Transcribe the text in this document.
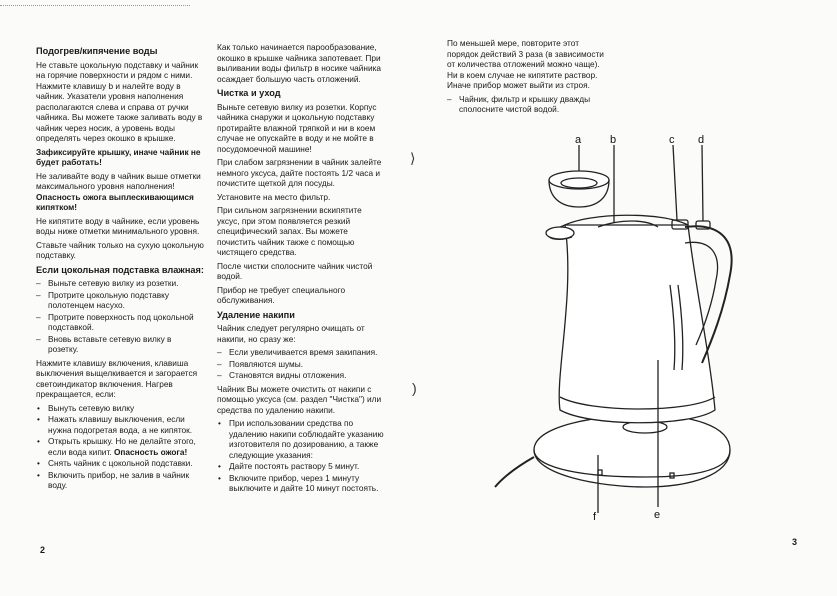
Подогрев/кипячение воды

Не ставьте цокольную подставку и чайник на горячие поверхности и рядом с ними. Нажмите клавишу b и налейте воду в чайник. Указатели уровня наполнения располагаются слева и справа от ручки чайника. Вы можете также заливать воду в чайник через носик, а уровень воды определять через окошко в крышке.

Зафиксируйте крышку, иначе чайник не будет работать!

Не заливайте воду в чайник выше отметки максимального уровня наполнения! Опасность ожога выплескивающимся кипятком!

Не кипятите воду в чайнике, если уровень воды ниже отметки минимального уровня.

Ставьте чайник только на сухую цокольную подставку.

Если цокольная подставка влажная:
– Выньте сетевую вилку из розетки.
– Протрите цокольную подставку полотенцем насухо.
– Протрите поверхность под цокольной подставкой.
– Вновь вставьте сетевую вилку в розетку.

Нажмите клавишу включения, клавиша выключения выщелкивается и загорается светоиндикатор включения. Нагрев прекращается, если:

• Вынуть сетевую вилку
• Нажать клавишу выключения, если нужна подогретая вода, а не кипяток.
• Открыть крышку. Но не делайте этого, если вода кипит. Опасность ожога!
• Снять чайник с цокольной подставки.
• Включить прибор, не залив в чайник воду.
2

Как только начинается парообразование, окошко в крышке чайника запотевает. При выливании воды фильтр в носике чайника осаждает большую часть отложений.

Чистка и уход

Выньте сетевую вилку из розетки. Корпус чайника снаружи и цокольную подставку протирайте влажной тряпкой и ни в коем случае не опускайте в воду и не мойте в посудомоечной машине!

При слабом загрязнении в чайник залейте немного уксуса, дайте постоять 1/2 часа и почистите щеткой для посуды.

Установите на место фильтр.

При сильном загрязнении вскипятите уксус, при этом появляется резкий специфический запах. Вы можете почистить чайник также с помощью чистящего средства.

После чистки сполосните чайник чистой водой.

Прибор не требует специального обслуживания.

Удаление накипи

Чайник следует регулярно очищать от накипи, но сразу же:

– Если увеличивается время закипания.
– Появляются шумы.
– Становятся видны отложения.

Чайник Вы можете очистить от накипи с помощью уксуса (см. раздел "Чистка") или средства по удалению накипи.

• При использовании средства по удалению накипи соблюдайте указанию изготовителя по дозированию, а также следующие указания:
• Дайте постоять раствору 5 минут.
• Включите прибор, через 1 минуту выключите и дайте 10 минут постоять.
⟩
)

По меньшей мере, повторите этот порядок действий 3 раза (в зависимости от количества отложений можно чаще). Ни в коем случае не кипятите раствор. Иначе прибор может выйти из строя.

– Чайник, фильтр и крышку дважды сполосните чистой водой.
a	b	c d
f	e
3
